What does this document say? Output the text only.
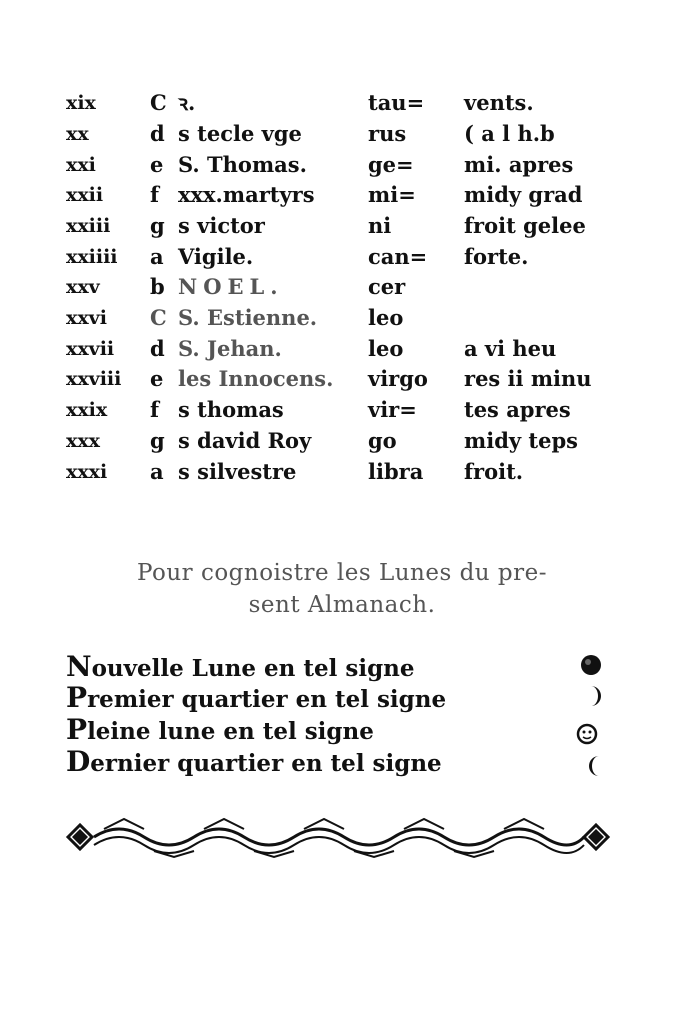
xix	C ꝛ.	tau=	vents.
xx	d s tecle vge	rus	( a l h.b
xxi	e S. Thomas.	ge=	mi. apres
xxii	f xxx.martyrs	mi=	midy grad
xxiii	g s victor	ni	froit gelee
xxiiii	a Vigile.	can=	forte.
xxv	b NOEL.	cer
xxvi	C S. Estienne.	leo
xxvii	d S. Jehan.	leo	a vi heu
xxviii	e les Innocens.	virgo	res ii minu
xxix	f s thomas	vir=	tes apres
xxx	g s david Roy	go	midy teps
xxxi	a s silvestre	libra	froit.
Pour cognoistre les Lunes du pre-
sent Almanach.
Nouvelle Lune en tel signe
Premier quartier en tel signe
Pleine lune en tel signe
Dernier quartier en tel signe
